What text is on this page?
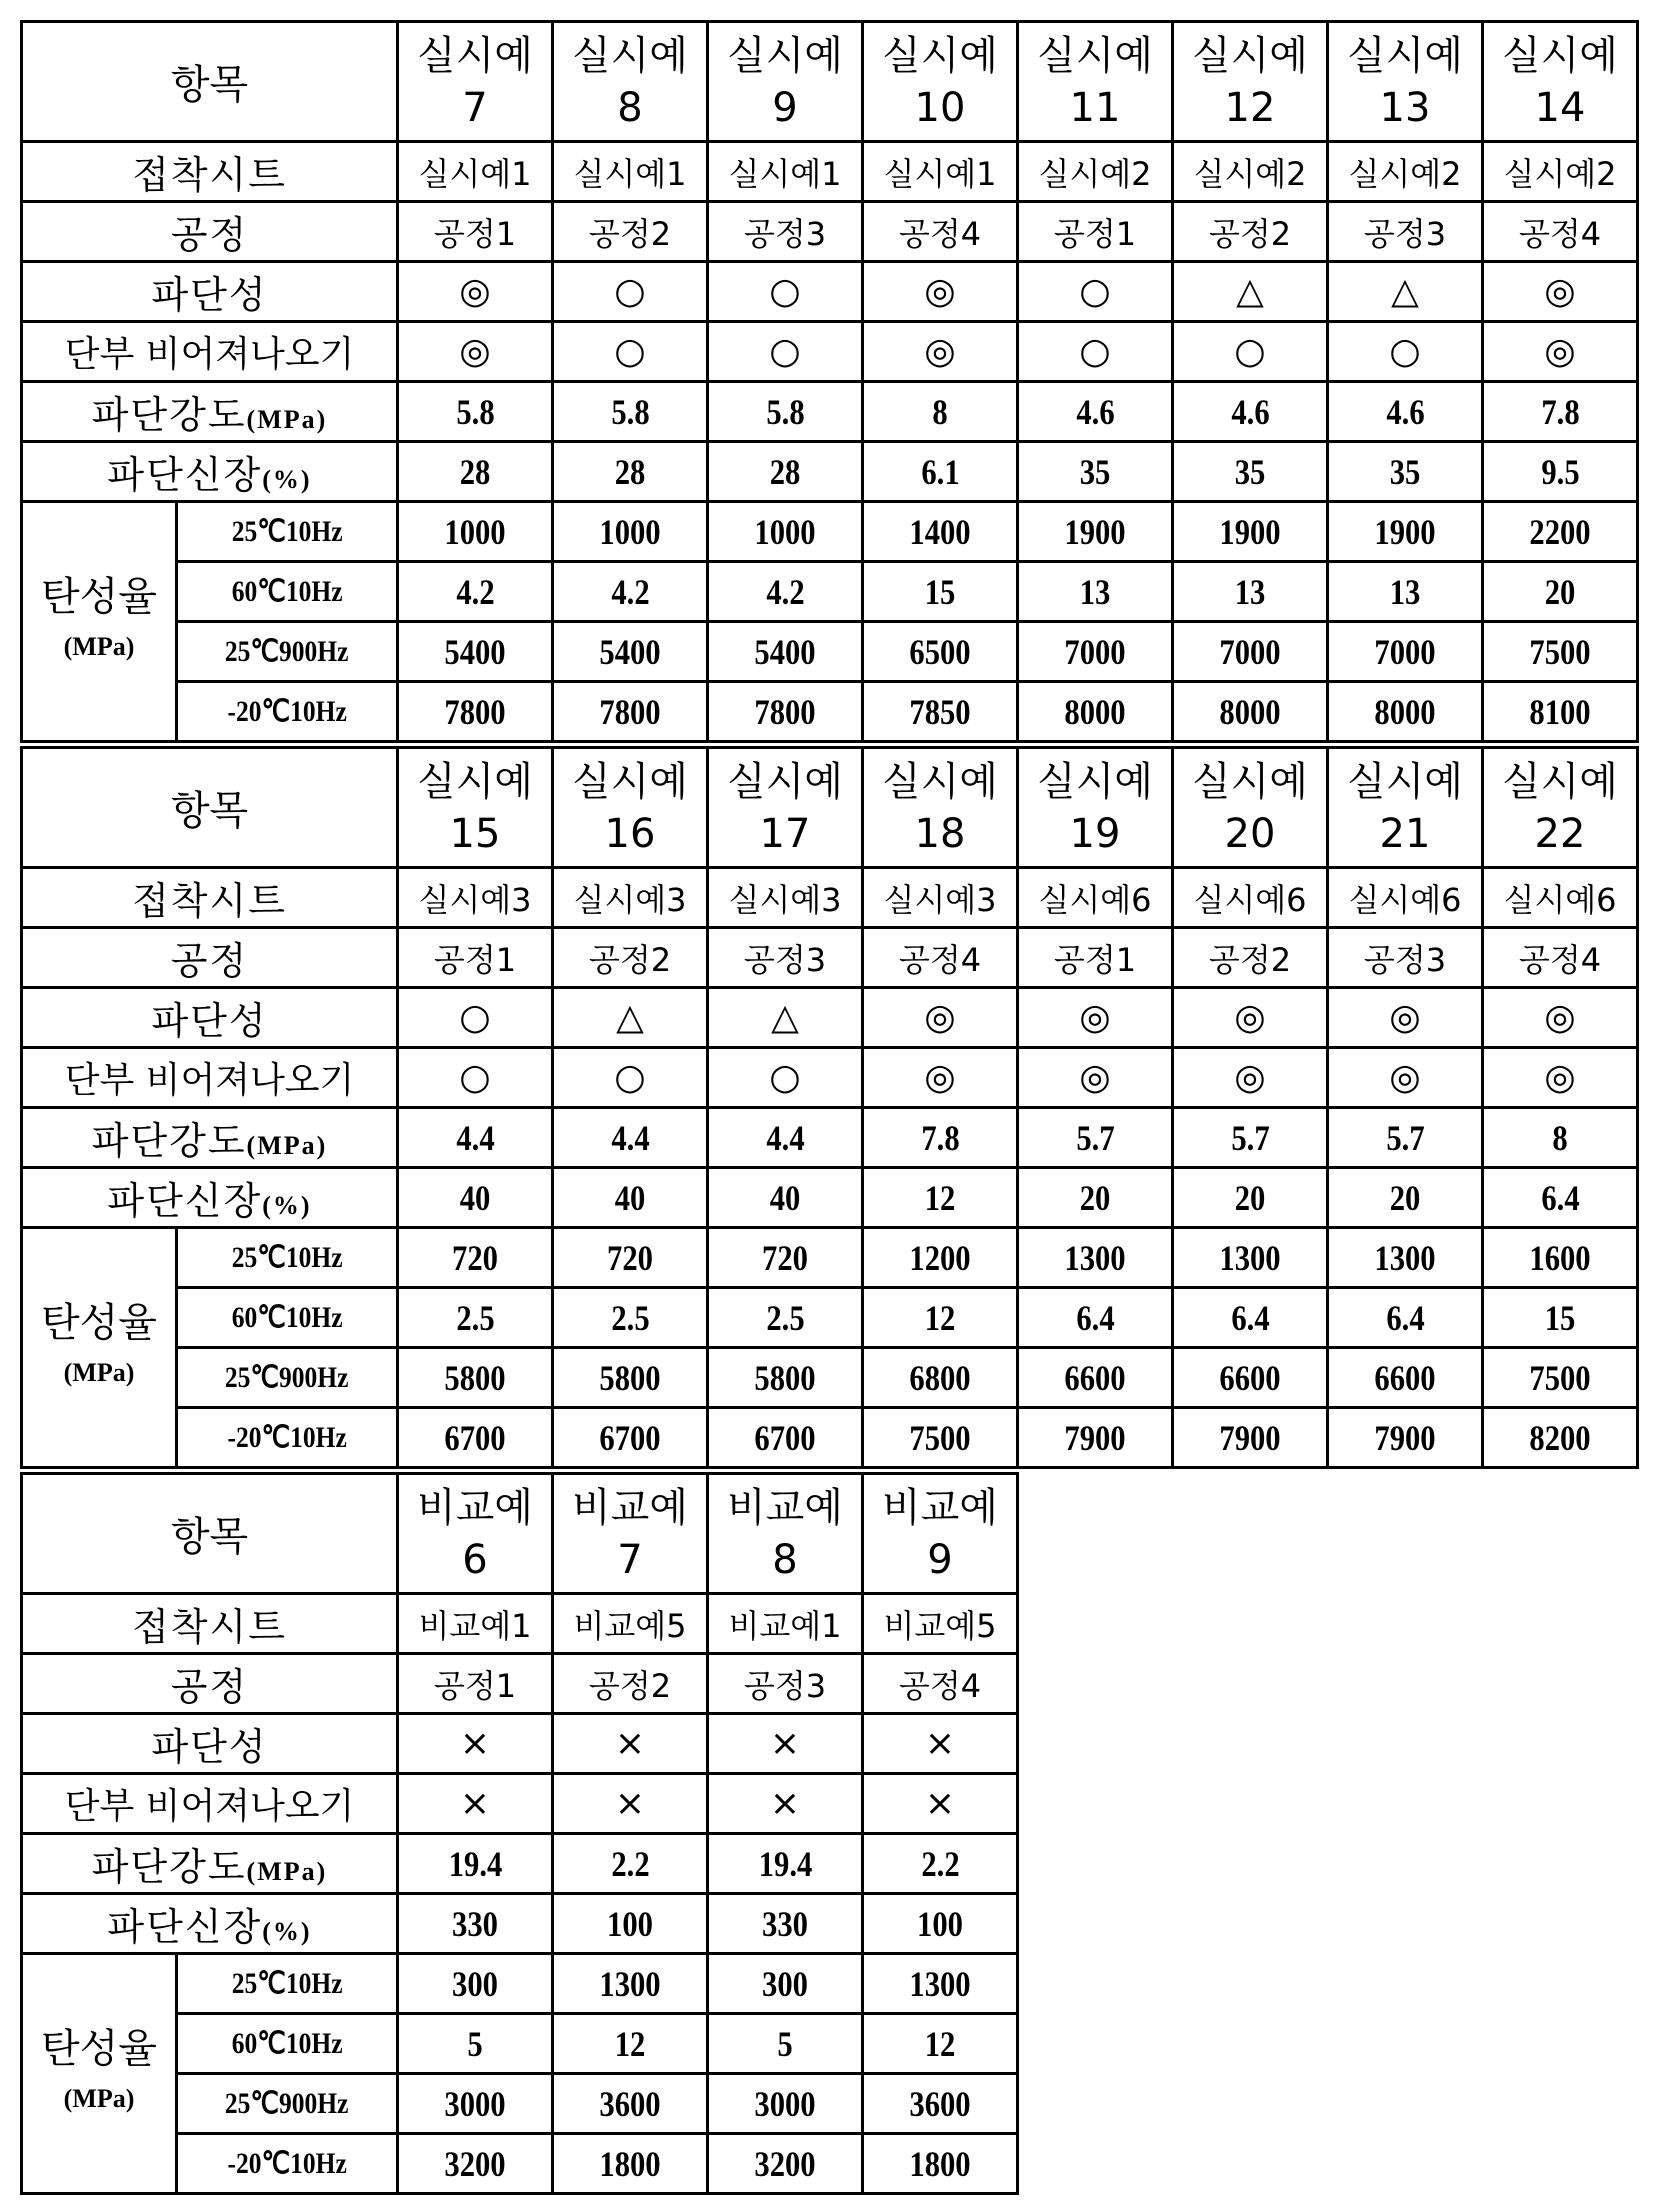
항목	
실시예
7

실시예
8

실시예
9

실시예
10

실시예
11

실시예
12

실시예
13

실시예
14

접착시트	실시예1	실시예1	실시예1	실시예1	실시예2	실시예2	실시예2	실시예2
공정	공정1	공정2	공정3	공정4	공정1	공정2	공정3	공정4
파단성	◎	○	○	◎	○	△	△	◎
단부 비어져나오기	◎	○	○	◎	○	○	○	◎
파단강도(MPa)	5.8	5.8	5.8	8	4.6	4.6	4.6	7.8
파단신장(%)	28	28	28	6.1	35	35	35	9.5

탄성율
(MPa)
	25℃10Hz	1000	1000	1000	1400	1900	1900	1900	2200
60℃10Hz	4.2	4.2	4.2	15	13	13	13	20
25℃900Hz	5400	5400	5400	6500	7000	7000	7000	7500
-20℃10Hz	7800	7800	7800	7850	8000	8000	8000	8100
항목	
실시예
15

실시예
16

실시예
17

실시예
18

실시예
19

실시예
20

실시예
21

실시예
22

접착시트	실시예3	실시예3	실시예3	실시예3	실시예6	실시예6	실시예6	실시예6
공정	공정1	공정2	공정3	공정4	공정1	공정2	공정3	공정4
파단성	○	△	△	◎	◎	◎	◎	◎
단부 비어져나오기	○	○	○	◎	◎	◎	◎	◎
파단강도(MPa)	4.4	4.4	4.4	7.8	5.7	5.7	5.7	8
파단신장(%)	40	40	40	12	20	20	20	6.4

탄성율
(MPa)
	25℃10Hz	720	720	720	1200	1300	1300	1300	1600
60℃10Hz	2.5	2.5	2.5	12	6.4	6.4	6.4	15
25℃900Hz	5800	5800	5800	6800	6600	6600	6600	7500
-20℃10Hz	6700	6700	6700	7500	7900	7900	7900	8200
항목	
비교예
6

비교예
7

비교예
8

비교예
9

접착시트	비교예1	비교예5	비교예1	비교예5
공정	공정1	공정2	공정3	공정4
파단성	×	×	×	×
단부 비어져나오기	×	×	×	×
파단강도(MPa)	19.4	2.2	19.4	2.2
파단신장(%)	330	100	330	100

탄성율
(MPa)
	25℃10Hz	300	1300	300	1300
60℃10Hz	5	12	5	12
25℃900Hz	3000	3600	3000	3600
-20℃10Hz	3200	1800	3200	1800
